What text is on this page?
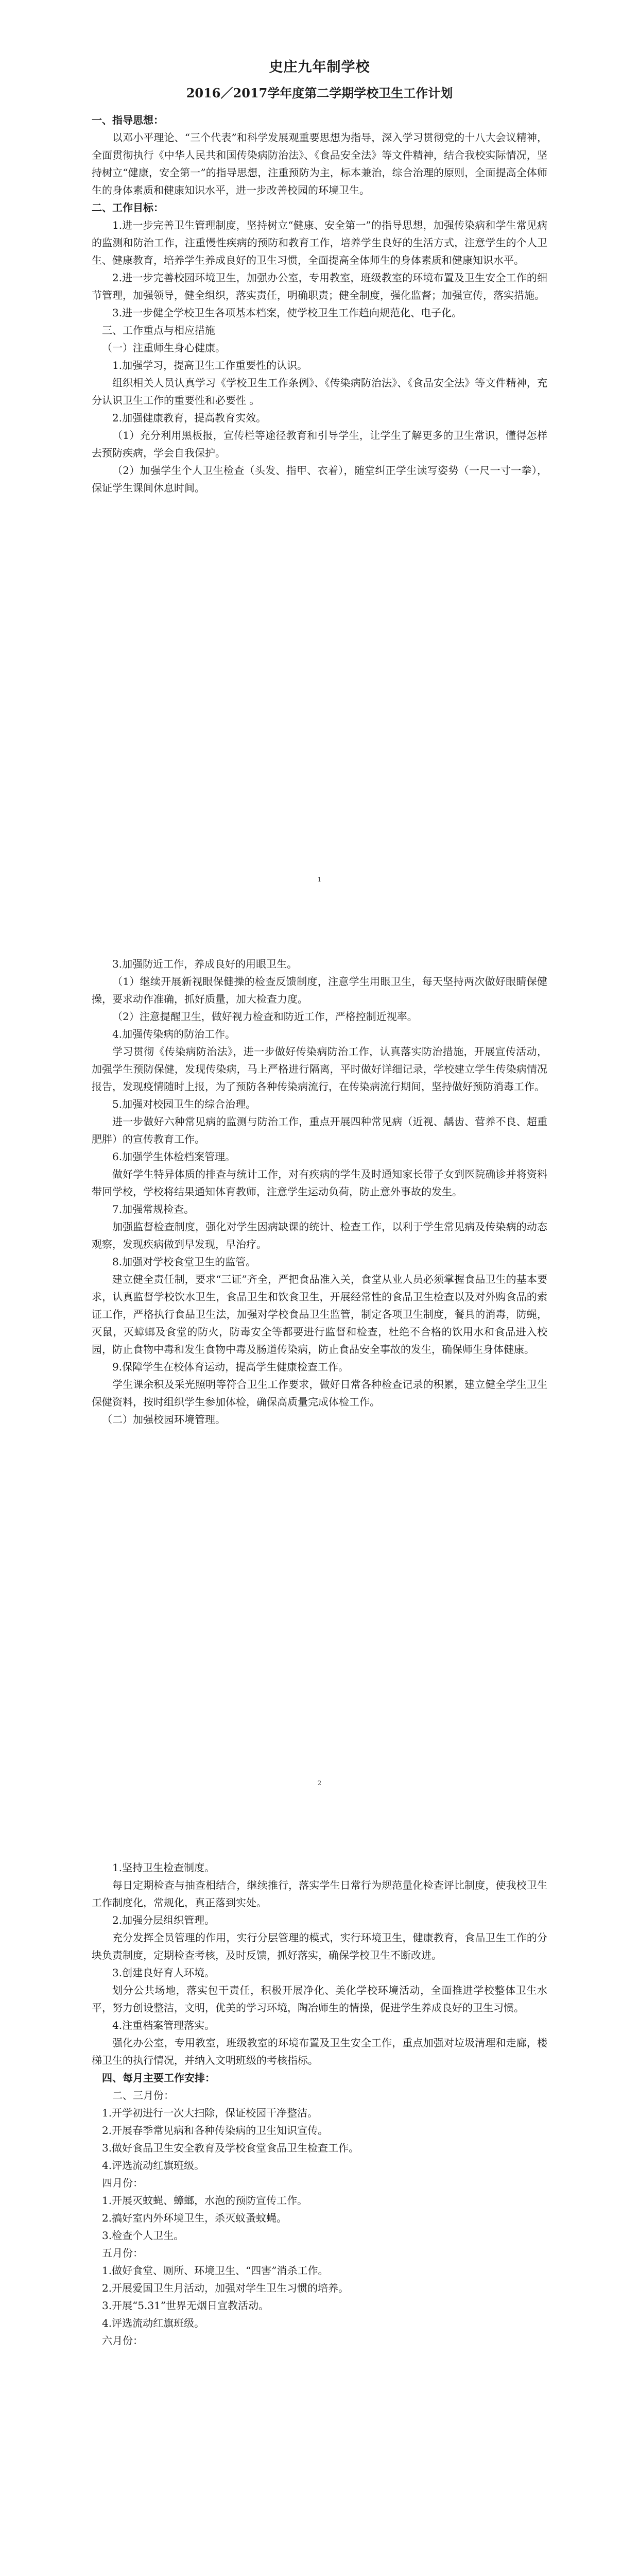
史庄九年制学校
2016／2017学年度第二学期学校卫生工作计划
一、指导思想：

以邓小平理论、“三个代表”和科学发展观重要思想为指导，深入学习贯彻党的十八大会议精神，全面贯彻执行《中华人民共和国传染病防治法》、《食品安全法》等文件精神，结合我校实际情况，坚持树立“健康，安全第一”的指导思想，注重预防为主，标本兼治，综合治理的原则，全面提高全体师生的身体素质和健康知识水平，进一步改善校园的环境卫生。

二、工作目标：

1.进一步完善卫生管理制度，坚持树立“健康、安全第一”的指导思想，加强传染病和学生常见病的监测和防治工作，注重慢性疾病的预防和教育工作，培养学生良好的生活方式，注意学生的个人卫生、健康教育，培养学生养成良好的卫生习惯，全面提高全体师生的身体素质和健康知识水平。

2.进一步完善校园环境卫生，加强办公室，专用教室，班级教室的环境布置及卫生安全工作的细节管理，加强领导，健全组织，落实责任，明确职责；健全制度，强化监督；加强宣传，落实措施。

3.进一步健全学校卫生各项基本档案，使学校卫生工作趋向规范化、电子化。

三、工作重点与相应措施
（一）注重师生身心健康。
1.加强学习，提高卫生工作重要性的认识。

组织相关人员认真学习《学校卫生工作条例》、《传染病防治法》、《食品安全法》等文件精神，充分认识卫生工作的重要性和必要性 。

2.加强健康教育，提高教育实效。

（1）充分利用黑板报，宣传栏等途径教育和引导学生，让学生了解更多的卫生常识，懂得怎样去预防疾病，学会自我保护。

（2）加强学生个人卫生检查（头发、指甲、衣着），随堂纠正学生读写姿势（一尺一寸一拳），保证学生课间休息时间。

1
3.加强防近工作，养成良好的用眼卫生。

（1）继续开展新视眼保健操的检查反馈制度，注意学生用眼卫生，每天坚持两次做好眼睛保健操，要求动作准确，抓好质量，加大检查力度。

（2）注意提醒卫生，做好视力检查和防近工作，严格控制近视率。

4.加强传染病的防治工作。

学习贯彻《传染病防治法》，进一步做好传染病防治工作，认真落实防治措施，开展宣传活动，加强学生预防保健，发现传染病，马上严格进行隔离，平时做好详细记录，学校建立学生传染病情况报告，发现疫情随时上报，为了预防各种传染病流行，在传染病流行期间，坚持做好预防消毒工作。

5.加强对校园卫生的综合治理。

进一步做好六种常见病的监测与防治工作，重点开展四种常见病（近视、龋齿、营养不良、超重肥胖）的宣传教育工作。

6.加强学生体检档案管理。

做好学生特异体质的排查与统计工作，对有疾病的学生及时通知家长带子女到医院确诊并将资料带回学校，学校将结果通知体育教师，注意学生运动负荷，防止意外事故的发生。

7.加强常规检查。

加强监督检查制度，强化对学生因病缺课的统计、检查工作，以利于学生常见病及传染病的动态观察，发现疾病做到早发现，早治疗。

8.加强对学校食堂卫生的监管。

建立健全责任制，要求“三证”齐全，严把食品准入关，食堂从业人员必须掌握食品卫生的基本要求，认真监督学校饮水卫生，食品卫生和饮食卫生，开展经常性的食品卫生检查以及对外购食品的索证工作，严格执行食品卫生法，加强对学校食品卫生监管，制定各项卫生制度，餐具的消毒，防蝇，灭鼠，灭蟑螂及食堂的防火，防毒安全等都要进行监督和检查，杜绝不合格的饮用水和食品进入校园，防止食物中毒和发生食物中毒及肠道传染病，防止食品安全事故的发生，确保师生身体健康。

9.保障学生在校体育运动，提高学生健康检查工作。

学生课余积及采光照明等符合卫生工作要求，做好日常各种检查记录的积累，建立健全学生卫生保健资料，按时组织学生参加体检，确保高质量完成体检工作。

（二）加强校园环境管理。
2
1.坚持卫生检查制度。

每日定期检查与抽查相结合，继续推行，落实学生日常行为规范量化检查评比制度，使我校卫生工作制度化，常规化，真正落到实处。

2.加强分层组织管理。

充分发挥全员管理的作用，实行分层管理的模式，实行环境卫生，健康教育，食品卫生工作的分块负责制度，定期检查考核，及时反馈，抓好落实，确保学校卫生不断改进。

3.创建良好育人环境。

划分公共场地，落实包干责任，积极开展净化、美化学校环境活动，全面推进学校整体卫生水平，努力创设整洁，文明，优美的学习环境，陶冶师生的情操，促进学生养成良好的卫生习惯。

4.注重档案管理落实。

强化办公室，专用教室，班级教室的环境布置及卫生安全工作，重点加强对垃圾清理和走廊，楼梯卫生的执行情况，并纳入文明班级的考核指标。

四、每月主要工作安排：
二、三月份：
1.开学初进行一次大扫除，保证校园干净整洁。
2.开展春季常见病和各种传染病的卫生知识宣传。
3.做好食品卫生安全教育及学校食堂食品卫生检查工作。
4.评选流动红旗班级。
四月份：
1.开展灭蚊蝇、蟑螂，水泡的预防宣传工作。
2.搞好室内外环境卫生，杀灭蚊蚤蚊蝇。
3.检查个人卫生。
五月份：
1.做好食堂、厕所、环境卫生、“四害”消杀工作。
2.开展爱国卫生月活动，加强对学生卫生习惯的培养。
3.开展“5.31”世界无烟日宣教活动。
4.评选流动红旗班级。
六月份：
